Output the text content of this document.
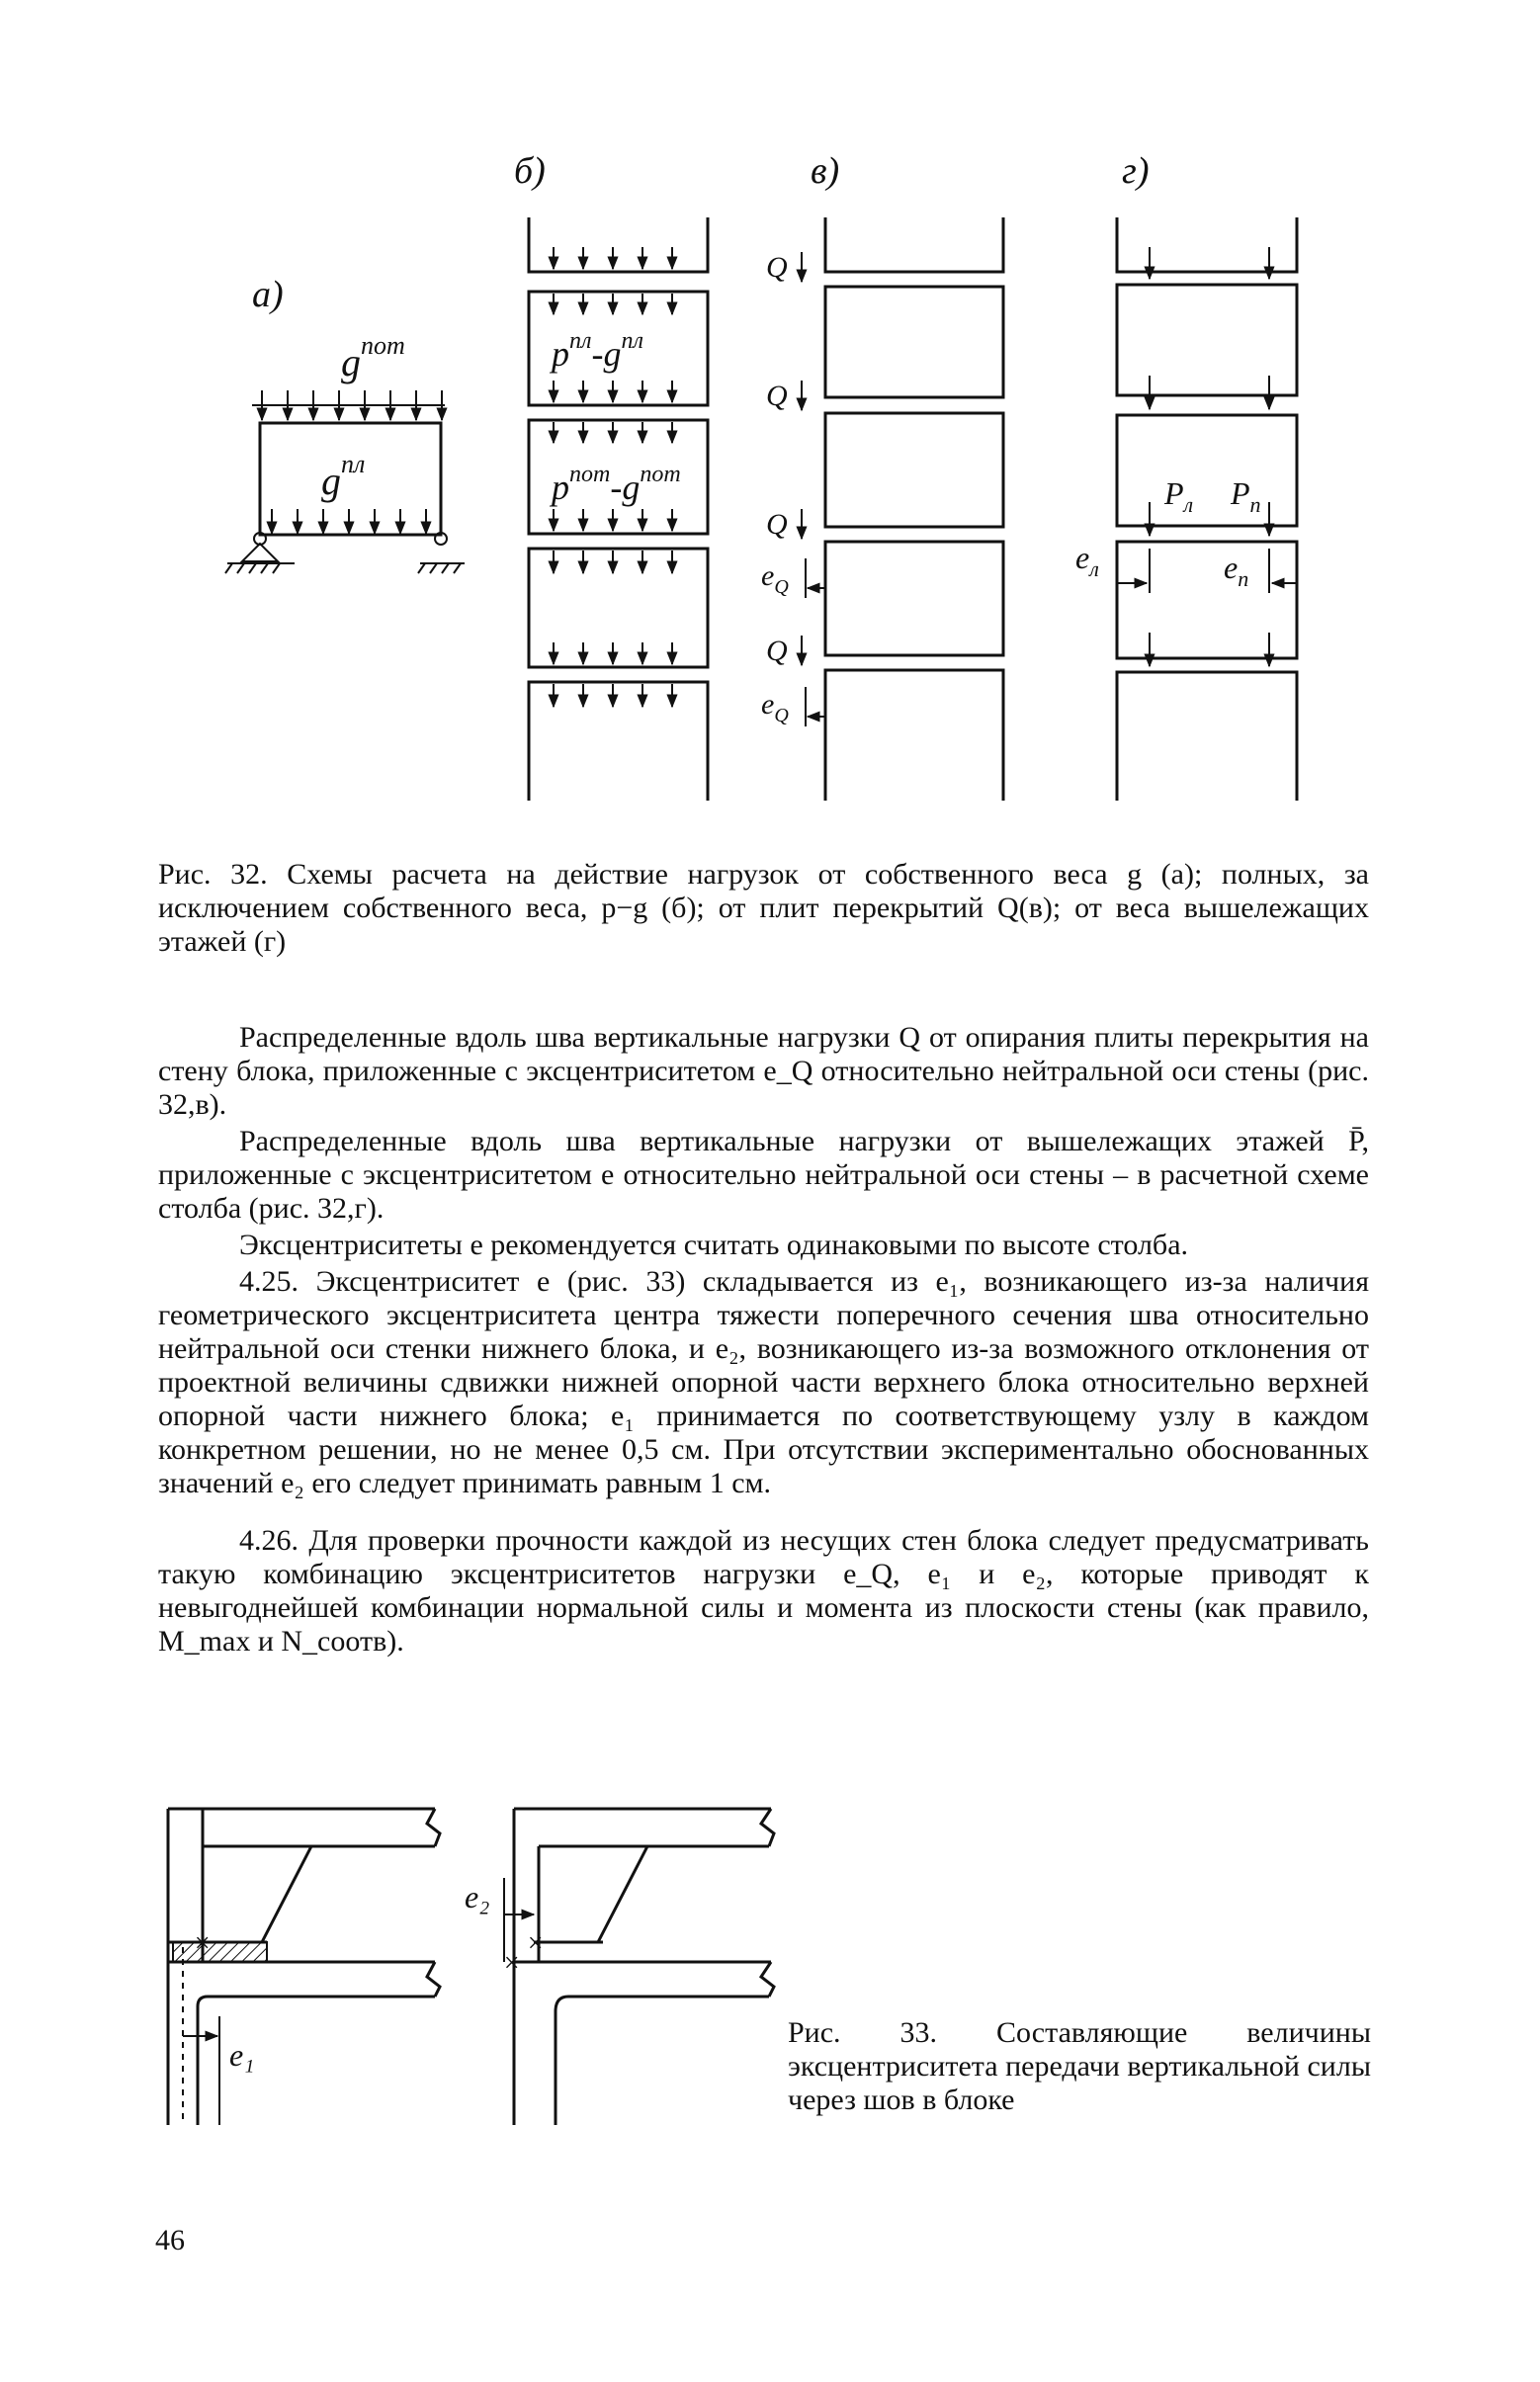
а)
$g^{пот}$
$g^{пл}$
б)
$p^{пл}-g^{пл}$
$p^{пот}-g^{пот}$
в)
Q
Q
Q
$e_Q$
Q
$e_Q$
г)
$P_л$ $P_п$
$e_л$	$e_п$
Рис. 32. Схемы расчета на действие нагрузок от собственного веса g (а); полных, за исключением собственного веса, p−g (б); от плит перекрытий Q(в); от веса вышележащих этажей (г)

Распределенные вдоль шва вертикальные нагрузки Q от опирания плиты перекрытия на стену блока, приложенные с эксцентриситетом e_Q относительно нейтральной оси стены (рис. 32,в).

Распределенные вдоль шва вертикальные нагрузки от вышележащих этажей P̄, приложенные с эксцентриситетом e относительно нейтральной оси стены – в расчетной схеме столба (рис. 32,г).

Эксцентриситеты e рекомендуется считать одинаковыми по высоте столба.

4.25. Эксцентриситет e (рис. 33) складывается из e₁, возникающего из-за наличия геометрического эксцентриситета центра тяжести поперечного сечения шва относительно нейтральной оси стенки нижнего блока, и e₂, возникающего из-за возможного отклонения от проектной величины сдвижки нижней опорной части верхнего блока относительно верхней опорной части нижнего блока; e₁ принимается по соответствующему узлу в каждом конкретном решении, но не менее 0,5 см. При отсутствии экспериментально обоснованных значений e₂ его следует принимать равным 1 см.

4.26. Для проверки прочности каждой из несущих стен блока следует предусматривать такую комбинацию эксцентриситетов нагрузки e_Q, e₁ и e₂, которые приводят к невыгоднейшей комбинации нормальной силы и момента из плоскости стены (как правило, M_max и N_соотв).

e₁
×
e₂
×
×
Рис. 33. Составляющие величины эксцентриситета передачи вертикальной силы через шов в блоке
46
